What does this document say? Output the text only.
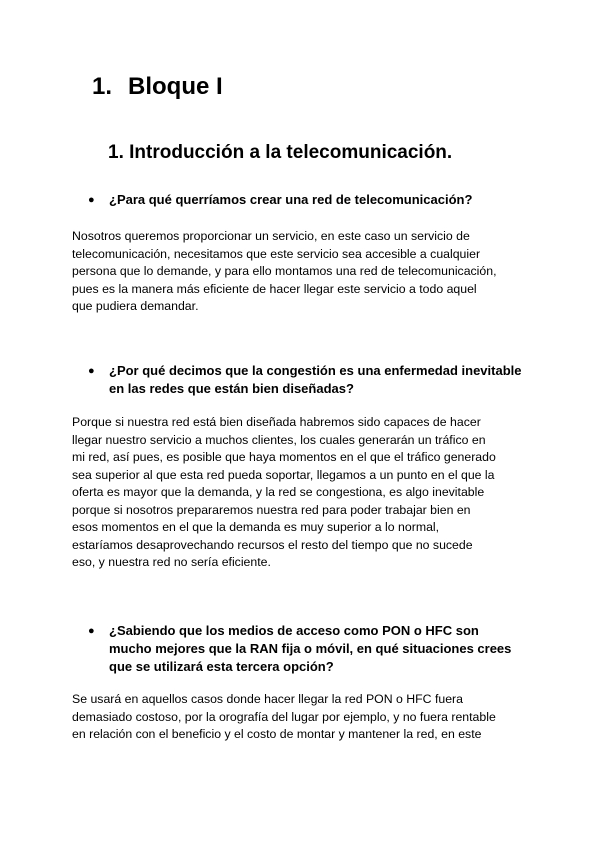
1. Bloque I
1. Introducción a la telecomunicación.
●	¿Para qué querríamos crear una red de telecomunicación?
Nosotros queremos proporcionar un servicio, en este caso un servicio de
telecomunicación, necesitamos que este servicio sea accesible a cualquier
persona que lo demande, y para ello montamos una red de telecomunicación,
pues es la manera más eficiente de hacer llegar este servicio a todo aquel
que pudiera demandar.
●	¿Por qué decimos que la congestión es una enfermedad inevitable
en las redes que están bien diseñadas?
Porque si nuestra red está bien diseñada habremos sido capaces de hacer
llegar nuestro servicio a muchos clientes, los cuales generarán un tráfico en
mi red, así pues, es posible que haya momentos en el que el tráfico generado
sea superior al que esta red pueda soportar, llegamos a un punto en el que la
oferta es mayor que la demanda, y la red se congestiona, es algo inevitable
porque si nosotros prepararemos nuestra red para poder trabajar bien en
esos momentos en el que la demanda es muy superior a lo normal,
estaríamos desaprovechando recursos el resto del tiempo que no sucede
eso, y nuestra red no sería eficiente.
●	¿Sabiendo que los medios de acceso como PON o HFC son
mucho mejores que la RAN fija o móvil, en qué situaciones crees
que se utilizará esta tercera opción?
Se usará en aquellos casos donde hacer llegar la red PON o HFC fuera
demasiado costoso, por la orografía del lugar por ejemplo, y no fuera rentable
en relación con el beneficio y el costo de montar y mantener la red, en este
